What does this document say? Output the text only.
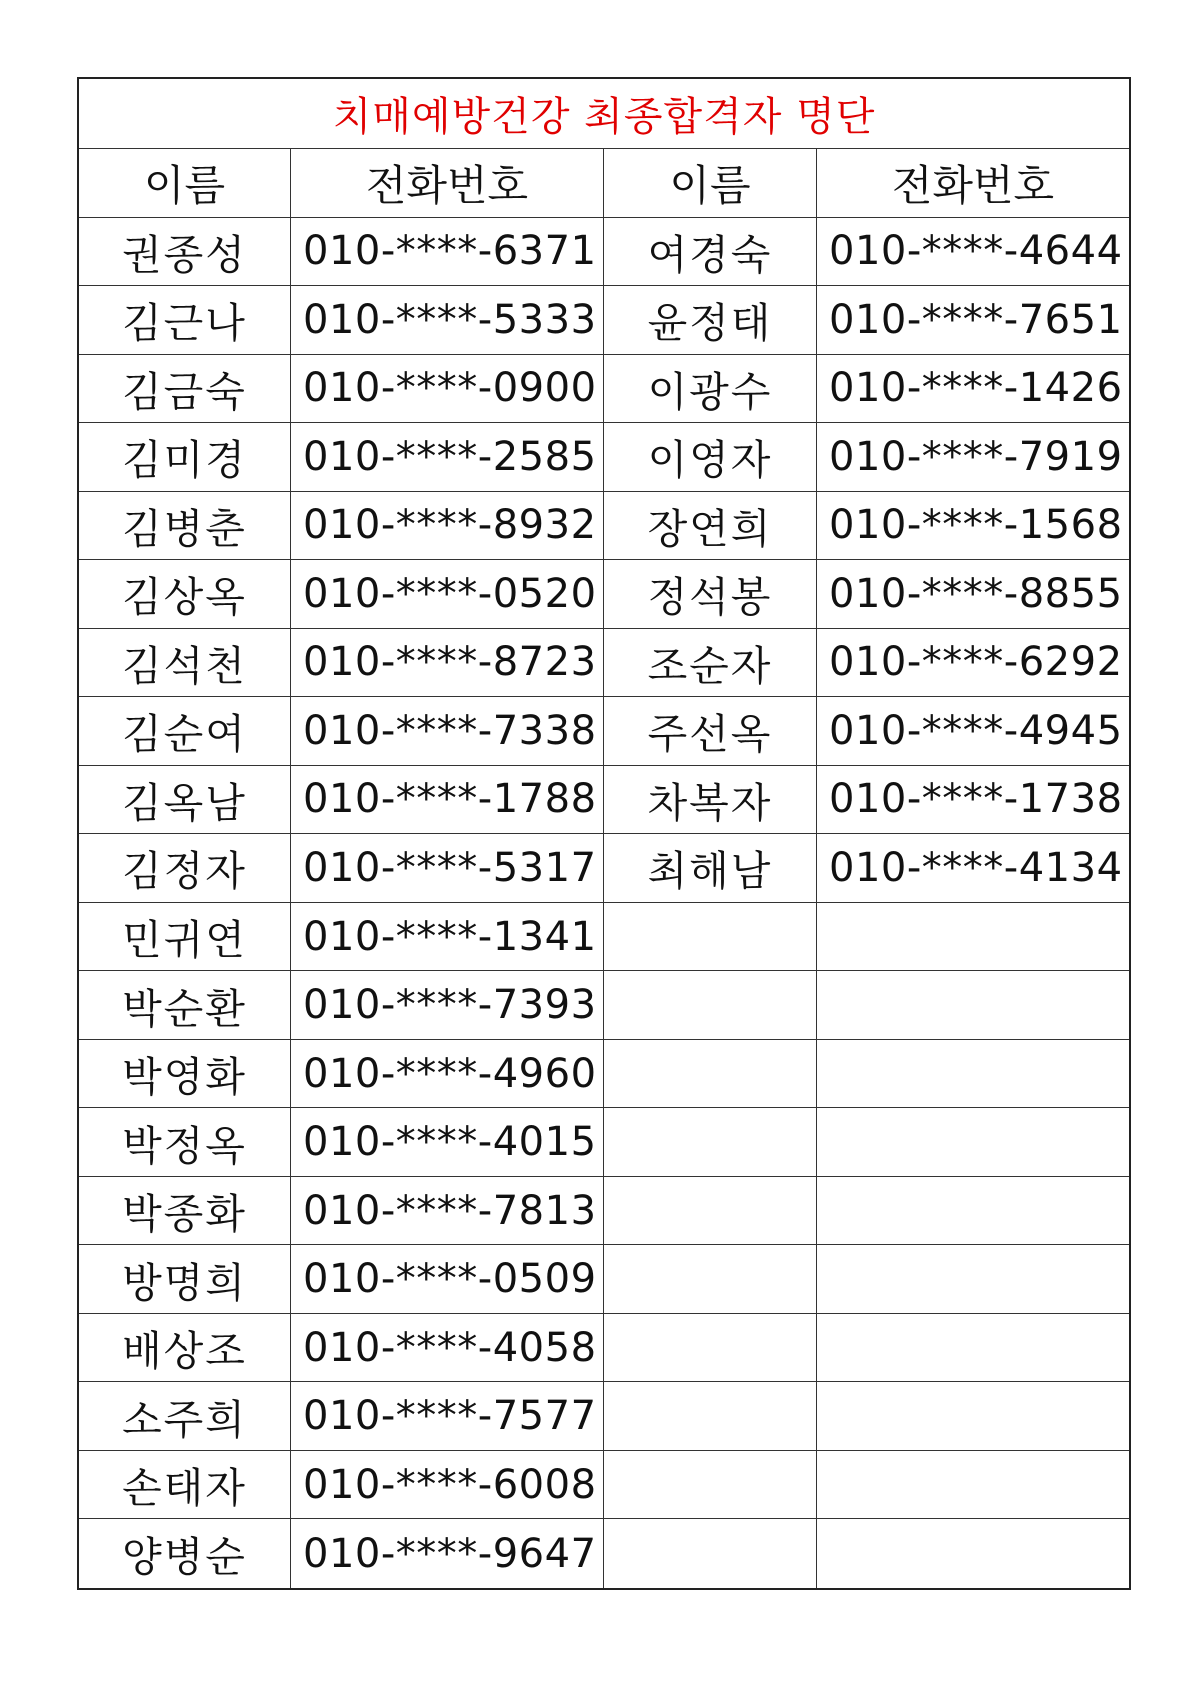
치매예방건강 최종합격자 명단
이름	전화번호	이름	전화번호
권종성	010-****-6371	여경숙	010-****-4644
김근나	010-****-5333	윤정태	010-****-7651
김금숙	010-****-0900	이광수	010-****-1426
김미경	010-****-2585	이영자	010-****-7919
김병춘	010-****-8932	장연희	010-****-1568
김상옥	010-****-0520	정석봉	010-****-8855
김석천	010-****-8723	조순자	010-****-6292
김순여	010-****-7338	주선옥	010-****-4945
김옥남	010-****-1788	차복자	010-****-1738
김정자	010-****-5317	최해남	010-****-4134
민귀연	010-****-1341
박순환	010-****-7393
박영화	010-****-4960
박정옥	010-****-4015
박종화	010-****-7813
방명희	010-****-0509
배상조	010-****-4058
소주희	010-****-7577
손태자	010-****-6008
양병순	010-****-9647
